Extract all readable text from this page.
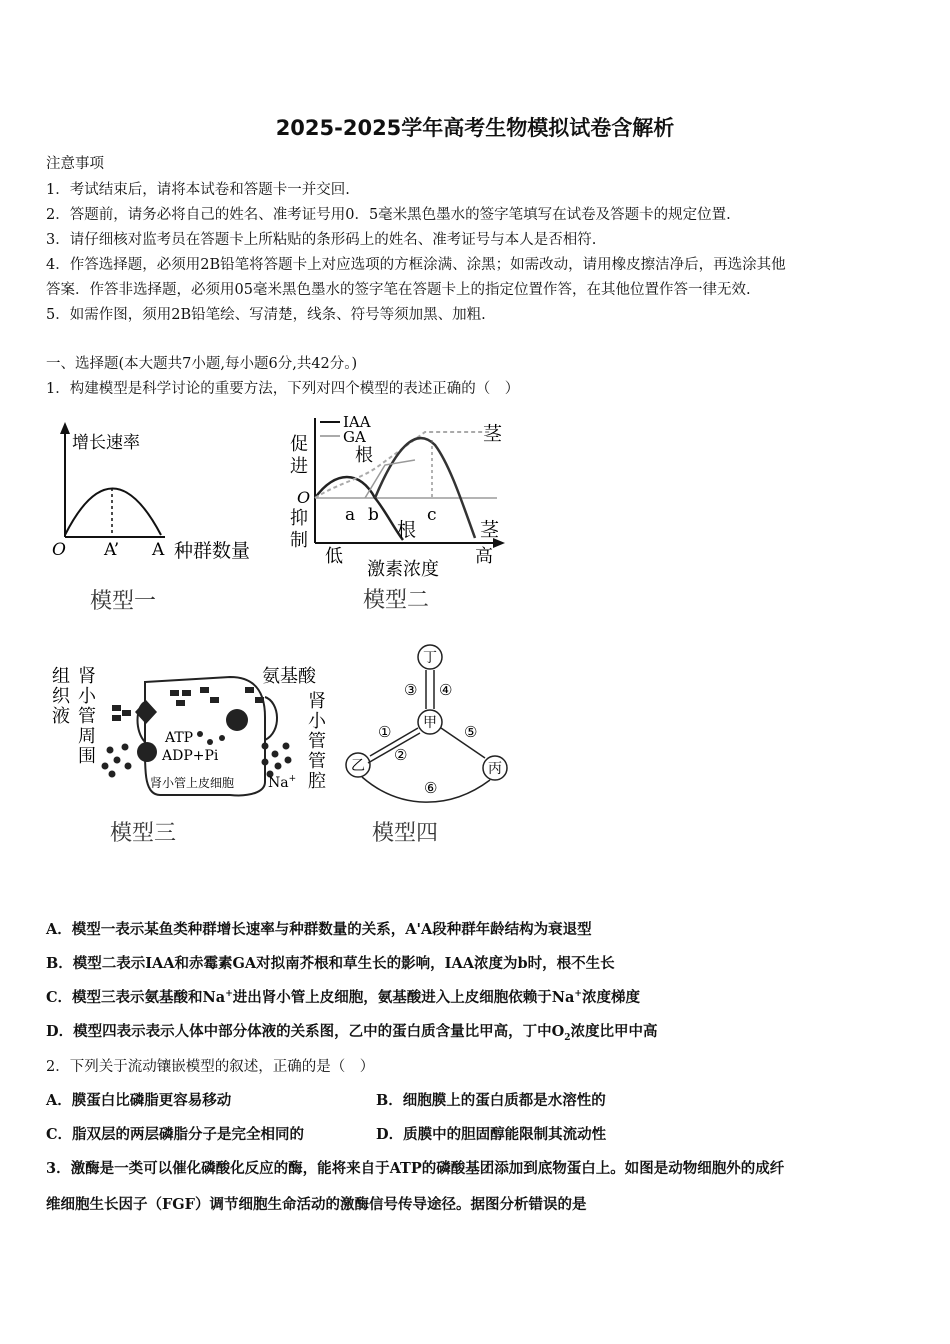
2025-2025学年高考生物模拟试卷含解析
注意事项
1．考试结束后，请将本试卷和答题卡一并交回.
2．答题前，请务必将自己的姓名、准考证号用0．5毫米黑色墨水的签字笔填写在试卷及答题卡的规定位置.
3．请仔细核对监考员在答题卡上所粘贴的条形码上的姓名、准考证号与本人是否相符.
4．作答选择题，必须用2B铅笔将答题卡上对应选项的方框涂满、涂黑；如需改动，请用橡皮擦洁净后，再选涂其他
答案．作答非选择题，必须用05毫米黑色墨水的签字笔在答题卡上的指定位置作答，在其他位置作答一律无效.
5．如需作图，须用2B铅笔绘、写清楚，线条、符号等须加黑、加粗.
一、选择题(本大题共7小题,每小题6分,共42分。)
1．构建模型是科学讨论的重要方法，下列对四个模型的表述正确的（　）
增长速率
O A’ A 种群数量
模型一
IAA
GA
促
进
O
抑
制
根
茎
a b	c
根	茎
低	高
激素浓度
模型二
组
织
液
肾
小
管
周
围
氨基酸
肾
小
管
管
腔
ATP
ADP+Pi
Na+
肾小管上皮细胞
模型三
丁
甲
乙	丙
③ ④
①
②
⑤
⑥
模型四
A．模型一表示某鱼类种群增长速率与种群数量的关系，A'A段种群年龄结构为衰退型
B．模型二表示IAA和赤霉素GA对拟南芥根和草生长的影响，IAA浓度为b时，根不生长
C．模型三表示氨基酸和Na+进出肾小管上皮细胞，氨基酸进入上皮细胞依赖于Na+浓度梯度
D．模型四表示表示人体中部分体液的关系图，乙中的蛋白质含量比甲高，丁中$O_2$浓度比甲中高
2．下列关于流动镶嵌模型的叙述，正确的是（　）
A．膜蛋白比磷脂更容易移动	B．细胞膜上的蛋白质都是水溶性的
C．脂双层的两层磷脂分子是完全相同的	D．质膜中的胆固醇能限制其流动性
3．激酶是一类可以催化磷酸化反应的酶，能将来自于ATP的磷酸基团添加到底物蛋白上。如图是动物细胞外的成纤
维细胞生长因子（FGF）调节细胞生命活动的激酶信号传导途径。据图分析错误的是
